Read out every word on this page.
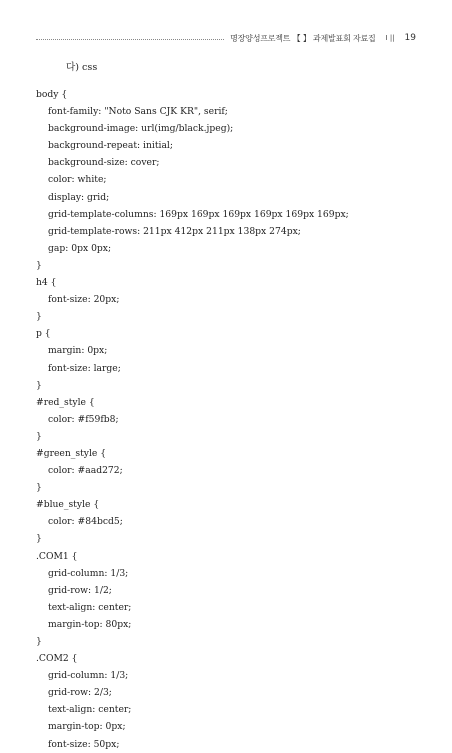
명장양성프로젝트 【 】 과제발표회 자료집 I || 19
다) css
body {
font-family: "Noto Sans CJK KR", serif;
background-image: url(img/black.jpeg);
background-repeat: initial;
background-size: cover;
color: white;
display: grid;
grid-template-columns: 169px 169px 169px 169px 169px 169px;
grid-template-rows: 211px 412px 211px 138px 274px;
gap: 0px 0px;
}
h4 {
font-size: 20px;
}
p {
margin: 0px;
font-size: large;
}
#red_style {
color: #f59fb8;
}
#green_style {
color: #aad272;
}
#blue_style {
color: #84bcd5;
}
.COM1 {
grid-column: 1/3;
grid-row: 1/2;
text-align: center;
margin-top: 80px;
}
.COM2 {
grid-column: 1/3;
grid-row: 2/3;
text-align: center;
margin-top: 0px;
font-size: 50px;
